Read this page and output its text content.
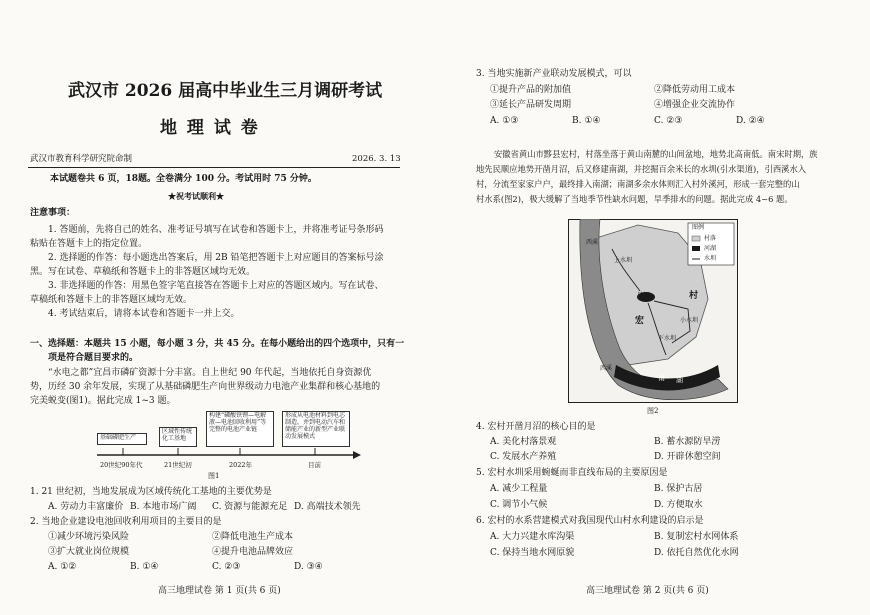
武汉市 2026 届高中毕业生三月调研考试
地 理 试 卷
武汉市教育科学研究院命制	2026. 3. 13
本试题卷共 6 页，18题。全卷满分 100 分。考试用时 75 分钟。
★祝考试顺利★
注意事项：
1. 答题前，先将自己的姓名、准考证号填写在试卷和答题卡上，并将准考证号条形码
粘贴在答题卡上的指定位置。
2. 选择题的作答：每小题选出答案后，用 2B 铅笔把答题卡上对应题目的答案标号涂
黑。写在试卷、草稿纸和答题卡上的非答题区域均无效。
3. 非选择题的作答：用黑色签字笔直接答在答题卡上对应的答题区域内。写在试卷、
草稿纸和答题卡上的非答题区域均无效。
4. 考试结束后，请将本试卷和答题卡一并上交。
一、选择题：本题共 15 小题，每小题 3 分，共 45 分。在每小题给出的四个选项中，只有一
项是符合题目要求的。
“水电之都”宜昌市磷矿资源十分丰富。自上世纪 90 年代起，当地依托自身资源优
势，历经 30 余年发展，实现了从基础磷肥生产向世界级动力电池产业集群和核心基地的
完美蜕变(图1)。据此完成 1~3 题。
基础磷肥生产
区域性传统化工基地
构建“磷酸铁锂—电解液—电池回收利用”等完整的电池产业链
形成从电池材料到电芯制造，并到电动汽车和储能产业的新型产业联动发展模式
20世纪90年代	21世纪初	2022年	目前
图1
1. 21 世纪初，当地发展成为区域传统化工基地的主要优势是
A. 劳动力丰富廉价 B. 本地市场广阔	C. 资源与能源充足 D. 高端技术领先
2. 当地企业建设电池回收利用项目的主要目的是
①减少环境污染风险	②降低电池生产成本
③扩大就业岗位规模	④提升电池品牌效应
A. ①②	B. ①④	C. ②③	D. ③④
高三地理试卷 第 1 页(共 6 页)
3. 当地实施新产业联动发展模式，可以
①提升产品的附加值	②降低劳动用工成本
③延长产品研发周期	④增强企业交流协作
A. ①③	B. ①④	C. ②③	D. ②④
安徽省黄山市黟县宏村，村落坐落于黄山南麓的山间盆地，地势北高南低。南宋时期，族
地先民顺应地势开凿月沼，后又修建南湖，并挖掘百余米长的水圳(引水渠道)，引西溪水入
村，分流至家家户户，最终排入南湖；南湖多余水体则汇入村外溪河，形成一套完整的山
村水系(图2)，极大缓解了当地季节性缺水问题，旱季排水的问题。据此完成 4~6 题。
图例
村落
河湖
水圳
西溪
上水圳
月沼	村
宏	小水圳
下水圳
南 湖
西溪
图2
4. 宏村开凿月沼的核心目的是
A. 美化村落景观	B. 蓄水源防旱涝
C. 发展水产养殖	D. 开辟休憩空间
5. 宏村水圳采用蜿蜒而非直线布局的主要原因是
A. 减少工程量	B. 保护古居
C. 调节小气候	D. 方便取水
6. 宏村的水系营建模式对我国现代山村水利建设的启示是
A. 大力兴建水库沟渠	B. 复制宏村水网体系
C. 保持当地水网原貌	D. 依托自然优化水网
高三地理试卷 第 2 页(共 6 页)
